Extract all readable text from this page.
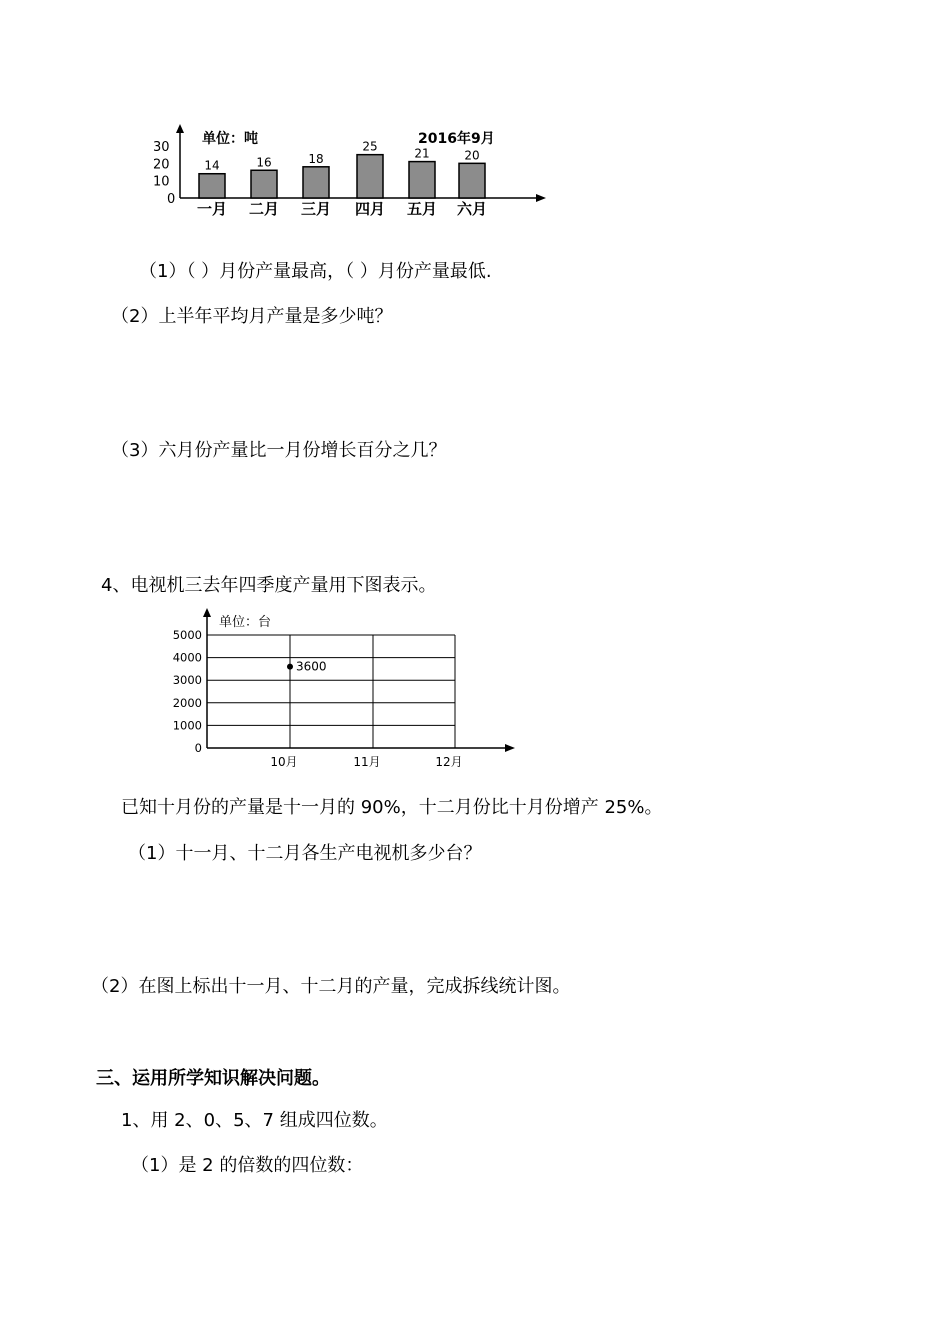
单位：吨	2016年9月
30
20
10
0
14
一月
16
二月
18
三月
25
四月
21
五月
20
六月
（1）（ ）月份产量最高，（ ）月份产量最低.
（2）上半年平均月产量是多少吨？
（3）六月份产量比一月份增长百分之几？
4、电视机三去年四季度产量用下图表示。
单位：台
5000
4000
3000
2000
1000
0
10月	11月	12月
3600
已知十月份的产量是十一月的 90%，十二月份比十月份增产 25%。
（1）十一月、十二月各生产电视机多少台？
（2）在图上标出十一月、十二月的产量，完成拆线统计图。
三、运用所学知识解决问题。
1、用 2、0、5、7 组成四位数。
（1）是 2 的倍数的四位数：
